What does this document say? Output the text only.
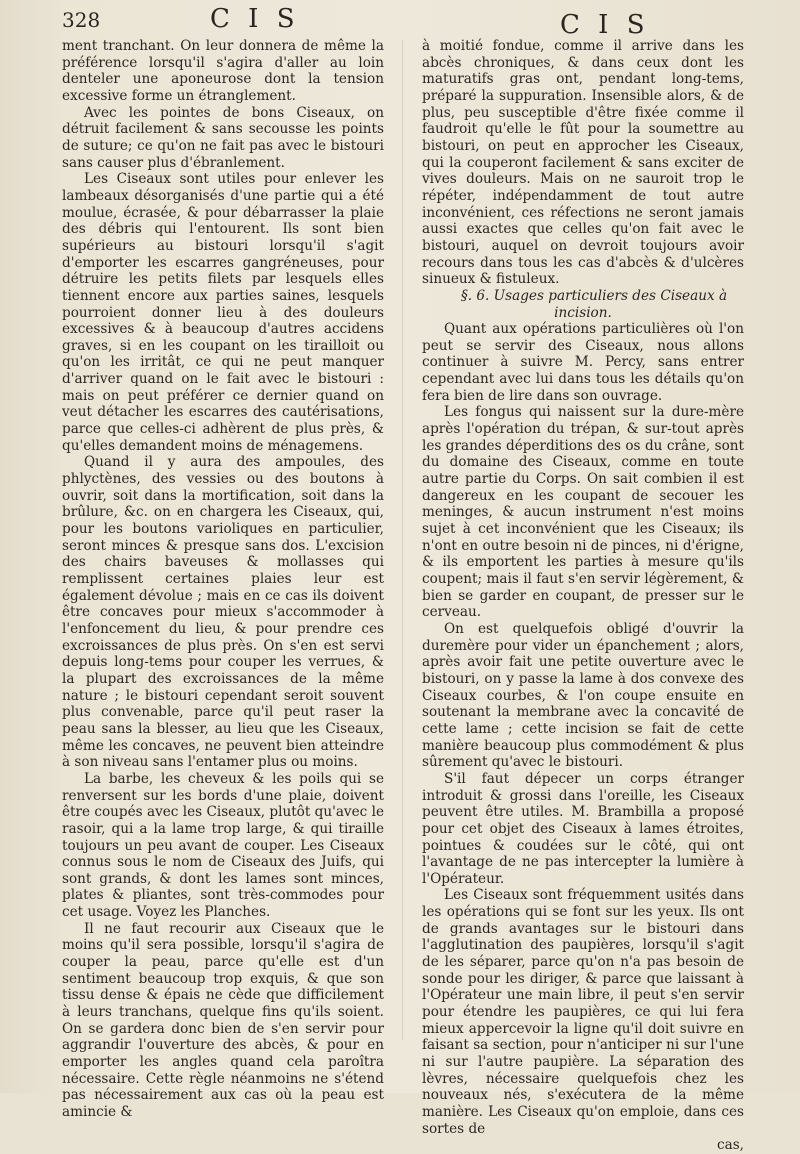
328	C I S	C I S

ment tranchant. On leur donnera de même la préférence lorsqu'il s'agira d'aller au loin denteler une aponeurose dont la tension excessive forme un étranglement.

Avec les pointes de bons Ciseaux, on détruit facilement & sans secousse les points de suture; ce qu'on ne fait pas avec le bistouri sans causer plus d'ébranlement.

Les Ciseaux sont utiles pour enlever les lambeaux désorganisés d'une partie qui a été moulue, écrasée, & pour débarrasser la plaie des débris qui l'entourent. Ils sont bien supérieurs au bistouri lorsqu'il s'agit d'emporter les escarres gangréneuses, pour détruire les petits filets par lesquels elles tiennent encore aux parties saines, lesquels pourroient donner lieu à des douleurs excessives & à beaucoup d'autres accidens graves, si en les coupant on les tirailloit ou qu'on les irritât, ce qui ne peut manquer d'arriver quand on le fait avec le bistouri : mais on peut préférer ce dernier quand on veut détacher les escarres des cautérisations, parce que celles-ci adhèrent de plus près, & qu'elles demandent moins de ménagemens.

Quand il y aura des ampoules, des phlyctènes, des vessies ou des boutons à ouvrir, soit dans la mortification, soit dans la brûlure, &c. on en chargera les Ciseaux, qui, pour les boutons varioliques en particulier, seront minces & presque sans dos. L'excision des chairs baveuses & mollasses qui remplissent certaines plaies leur est également dévolue ; mais en ce cas ils doivent être concaves pour mieux s'accommoder à l'enfoncement du lieu, & pour prendre ces excroissances de plus près. On s'en est servi depuis long-tems pour couper les verrues, & la plupart des excroissances de la même nature ; le bistouri cependant seroit souvent plus convenable, parce qu'il peut raser la peau sans la blesser, au lieu que les Ciseaux, même les concaves, ne peuvent bien atteindre à son niveau sans l'entamer plus ou moins.

La barbe, les cheveux & les poils qui se renversent sur les bords d'une plaie, doivent être coupés avec les Ciseaux, plutôt qu'avec le rasoir, qui a la lame trop large, & qui tiraille toujours un peu avant de couper. Les Ciseaux connus sous le nom de Ciseaux des Juifs, qui sont grands, & dont les lames sont minces, plates & pliantes, sont très-commodes pour cet usage. Voyez les Planches.

Il ne faut recourir aux Ciseaux que le moins qu'il sera possible, lorsqu'il s'agira de couper la peau, parce qu'elle est d'un sentiment beaucoup trop exquis, & que son tissu dense & épais ne cède que difficilement à leurs tranchans, quelque fins qu'ils soient. On se gardera donc bien de s'en servir pour aggrandir l'ouverture des abcès, & pour en emporter les angles quand cela paroîtra nécessaire. Cette règle néanmoins ne s'étend pas nécessairement aux cas où la peau est amincie &

à moitié fondue, comme il arrive dans les abcès chroniques, & dans ceux dont les maturatifs gras ont, pendant long-tems, préparé la suppuration. Insensible alors, & de plus, peu susceptible d'être fixée comme il faudroit qu'elle le fût pour la soumettre au bistouri, on peut en approcher les Ciseaux, qui la couperont facilement & sans exciter de vives douleurs. Mais on ne sauroit trop le répéter, indépendamment de tout autre inconvénient, ces réfections ne seront jamais aussi exactes que celles qu'on fait avec le bistouri, auquel on devroit toujours avoir recours dans tous les cas d'abcès & d'ulcères sinueux & fistuleux.

§. 6. Usages particuliers des Ciseaux à incision.

Quant aux opérations particulières où l'on peut se servir des Ciseaux, nous allons continuer à suivre M. Percy, sans entrer cependant avec lui dans tous les détails qu'on fera bien de lire dans son ouvrage.

Les fongus qui naissent sur la dure-mère après l'opération du trépan, & sur-tout après les grandes déperditions des os du crâne, sont du domaine des Ciseaux, comme en toute autre partie du Corps. On sait combien il est dangereux en les coupant de secouer les meninges, & aucun instrument n'est moins sujet à cet inconvénient que les Ciseaux; ils n'ont en outre besoin ni de pinces, ni d'érigne, & ils emportent les parties à mesure qu'ils coupent; mais il faut s'en servir légèrement, & bien se garder en coupant, de presser sur le cerveau.

On est quelquefois obligé d'ouvrir la duremère pour vider un épanchement ; alors, après avoir fait une petite ouverture avec le bistouri, on y passe la lame à dos convexe des Ciseaux courbes, & l'on coupe ensuite en soutenant la membrane avec la concavité de cette lame ; cette incision se fait de cette manière beaucoup plus commodément & plus sûrement qu'avec le bistouri.

S'il faut dépecer un corps étranger introduit & grossi dans l'oreille, les Ciseaux peuvent être utiles. M. Brambilla a proposé pour cet objet des Ciseaux à lames étroites, pointues & coudées sur le côté, qui ont l'avantage de ne pas intercepter la lumière à l'Opérateur.

Les Ciseaux sont fréquemment usités dans les opérations qui se font sur les yeux. Ils ont de grands avantages sur le bistouri dans l'agglutination des paupières, lorsqu'il s'agit de les séparer, parce qu'on n'a pas besoin de sonde pour les diriger, & parce que laissant à l'Opérateur une main libre, il peut s'en servir pour étendre les paupières, ce qui lui fera mieux appercevoir la ligne qu'il doit suivre en faisant sa section, pour n'anticiper ni sur l'une ni sur l'autre paupière. La séparation des lèvres, nécessaire quelquefois chez les nouveaux nés, s'exécutera de la même manière. Les Ciseaux qu'on emploie, dans ces sortes de

cas,
